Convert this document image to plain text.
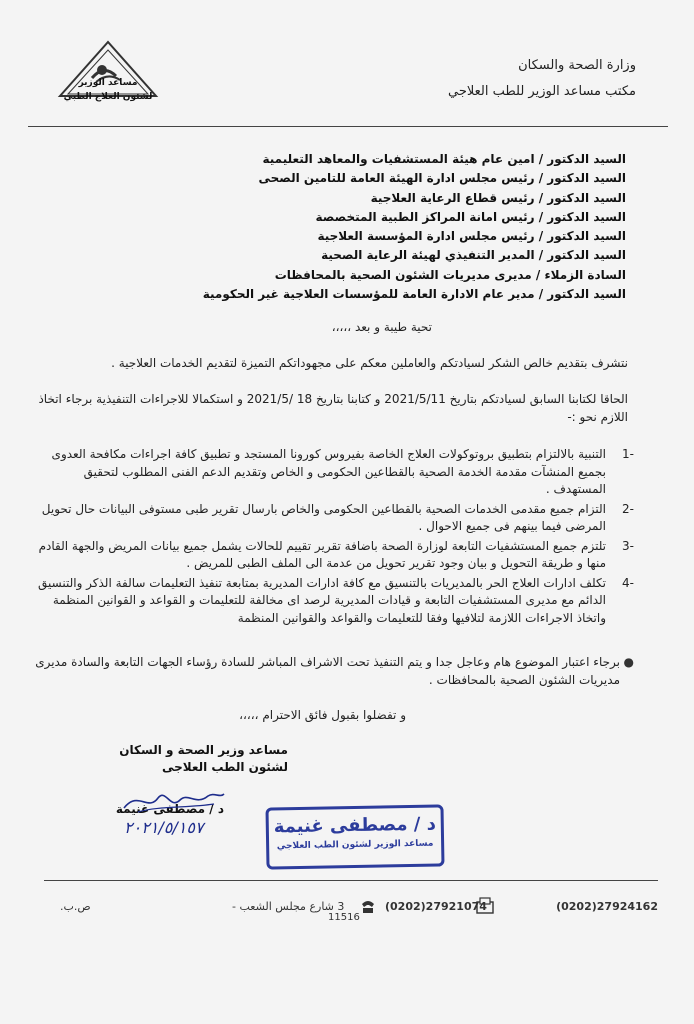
مساعد الوزير
لشئون العلاج الطبي
وزارة الصحة والسكان
مكتب مساعد الوزير للطب العلاجي
السيد الدكتور / امين عام هيئة المستشفيات والمعاهد التعليمية
السيد الدكتور / رئيس مجلس ادارة الهيئة العامة للتامين الصحى
السيد الدكتور / رئيس قطاع الرعاية العلاجية
السيد الدكتور / رئيس امانة المراكز الطبية المتخصصة
السيد الدكتور / رئيس مجلس ادارة المؤسسة العلاجية
السيد الدكتور / المدير التنفيذي لهيئة الرعاية الصحية
السادة الزملاء / مديرى مديريات الشئون الصحية بالمحافظات
السيد الدكتور / مدير عام الادارة العامة للمؤسسات العلاجية غير الحكومية
تحية طيبة و بعد ،،،،،
نتشرف بتقديم خالص الشكر لسيادتكم والعاملين معكم على مجهوداتكم التميزة لتقديم الخدمات العلاجية .
الحاقا لكتابنا السابق لسيادتكم بتاريخ 2021/5/11 و كتابنا بتاريخ 18 /2021/5 و استكمالا للاجراءات التنفيذية برجاء اتخاذ اللازم نحو :-
-1
التنبية بالالتزام بتطبيق بروتوكولات العلاج الخاصة بفيروس كورونا المستجد و تطبيق كافة اجراءات مكافحة العدوى بجميع المنشآت مقدمة الخدمة الصحية بالقطاعين الحكومى و الخاص وتقديم الدعم الفنى المطلوب لتحقيق المستهدف .
-2
التزام جميع مقدمى الخدمات الصحية بالقطاعين الحكومى والخاص بارسال تقرير طبى مستوفى البيانات حال تحويل المرضى فيما بينهم فى جميع الاحوال .
-3
تلتزم جميع المستشفيات التابعة لوزارة الصحة باضافة تقرير تقييم للحالات يشمل جميع بيانات المريض والجهة القادم منها و طريقة التحويل و بيان وجود تقرير تحويل من عدمة الى الملف الطبى للمريض .
-4
تكلف ادارات العلاج الحر بالمديريات بالتنسيق مع كافة ادارات المديرية بمتابعة تنفيذ التعليمات سالفة الذكر والتنسيق الدائم مع مديرى المستشفيات التابعة و قيادات المديرية لرصد اى مخالفة للتعليمات و القواعد و القوانين المنظمة واتخاذ الاجراءات اللازمة لتلافيها وفقا للتعليمات والقواعد والقوانين المنظمة
●
برجاء اعتبار الموضوع هام وعاجل جدا و يتم التنفيذ تحت الاشراف المباشر للسادة رؤساء الجهات التابعة والسادة مديرى مديريات الشئون الصحية بالمحافظات .
و تفضلوا بقبول فائق الاحترام ،،،،،
مساعد وزير الصحة و السكان
لشئون الطب العلاجى
د / مصطفى غنيمة
٢٠٢١/٥/١٥٧	د / مصطفى غنيمة
مساعد الوزير لشئون الطب العلاجي
(0202)27924162
(0202)27921074
11516
3 شارع مجلس الشعب -
ص.ب.
